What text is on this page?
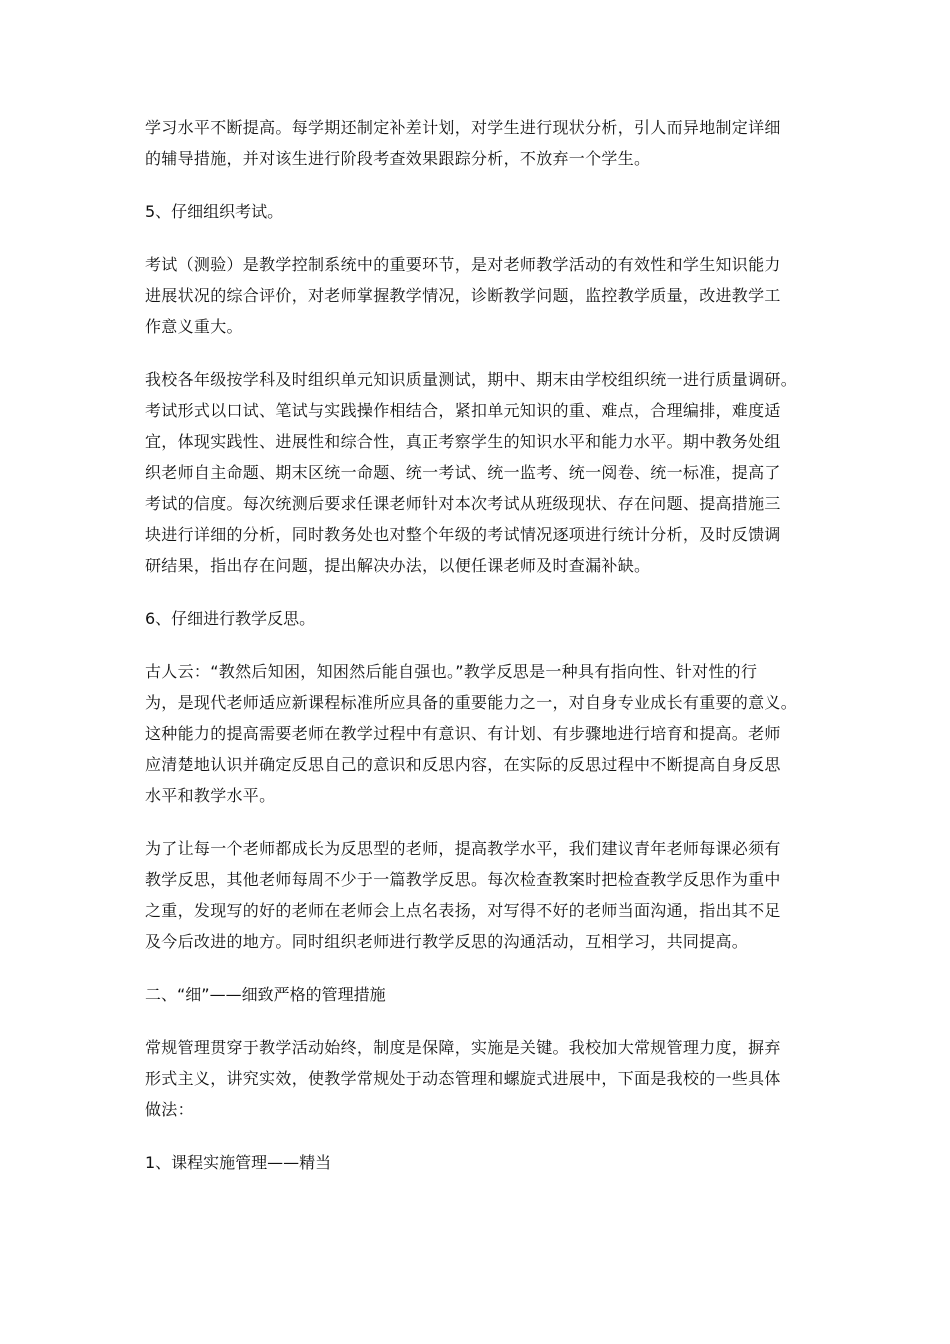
学习水平不断提高。每学期还制定补差计划，对学生进行现状分析，引人而异地制定详细
的辅导措施，并对该生进行阶段考查效果跟踪分析，不放弃一个学生。

5、仔细组织考试。

考试（测验）是教学控制系统中的重要环节，是对老师教学活动的有效性和学生知识能力
进展状况的综合评价，对老师掌握教学情况，诊断教学问题，监控教学质量，改进教学工
作意义重大。

我校各年级按学科及时组织单元知识质量测试，期中、期末由学校组织统一进行质量调研。
考试形式以口试、笔试与实践操作相结合，紧扣单元知识的重、难点，合理编排，难度适
宜，体现实践性、进展性和综合性，真正考察学生的知识水平和能力水平。期中教务处组
织老师自主命题、期末区统一命题、统一考试、统一监考、统一阅卷、统一标准，提高了
考试的信度。每次统测后要求任课老师针对本次考试从班级现状、存在问题、提高措施三
块进行详细的分析，同时教务处也对整个年级的考试情况逐项进行统计分析，及时反馈调
研结果，指出存在问题，提出解决办法，以便任课老师及时查漏补缺。

6、仔细进行教学反思。

古人云：“教然后知困，知困然后能自强也。”教学反思是一种具有指向性、针对性的行
为，是现代老师适应新课程标准所应具备的重要能力之一，对自身专业成长有重要的意义。
这种能力的提高需要老师在教学过程中有意识、有计划、有步骤地进行培育和提高。老师
应清楚地认识并确定反思自己的意识和反思内容，在实际的反思过程中不断提高自身反思
水平和教学水平。

为了让每一个老师都成长为反思型的老师，提高教学水平，我们建议青年老师每课必须有
教学反思，其他老师每周不少于一篇教学反思。每次检查教案时把检查教学反思作为重中
之重，发现写的好的老师在老师会上点名表扬，对写得不好的老师当面沟通，指出其不足
及今后改进的地方。同时组织老师进行教学反思的沟通活动，互相学习，共同提高。

二、“细”——细致严格的管理措施

常规管理贯穿于教学活动始终，制度是保障，实施是关键。我校加大常规管理力度，摒弃
形式主义，讲究实效，使教学常规处于动态管理和螺旋式进展中，下面是我校的一些具体
做法：

1、课程实施管理——精当
